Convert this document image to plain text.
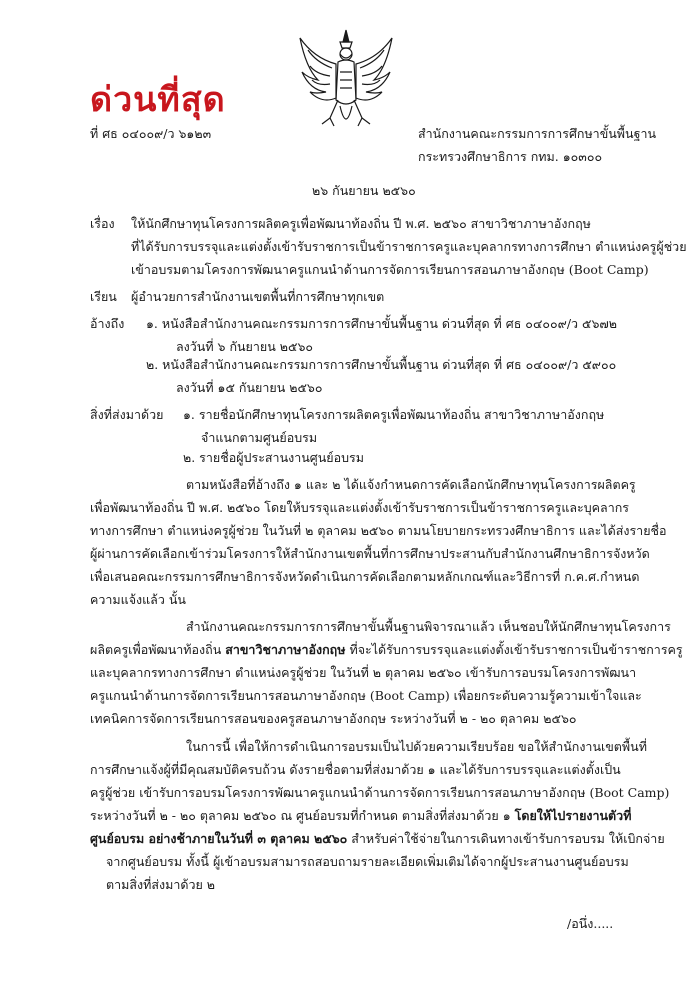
ด่วนที่สุด
ที่ ศธ ๐๔๐๐๙/ว ๖๑๒๓	สำนักงานคณะกรรมการการศึกษาขั้นพื้นฐาน
กระทรวงศึกษาธิการ กทม. ๑๐๓๐๐
๒๖ กันยายน ๒๕๖๐
เรื่อง ให้นักศึกษาทุนโครงการผลิตครูเพื่อพัฒนาท้องถิ่น ปี พ.ศ. ๒๕๖๐ สาขาวิชาภาษาอังกฤษ
ที่ได้รับการบรรจุและแต่งตั้งเข้ารับราชการเป็นข้าราชการครูและบุคลากรทางการศึกษา ตำแหน่งครูผู้ช่วย
เข้าอบรมตามโครงการพัฒนาครูแกนนำด้านการจัดการเรียนการสอนภาษาอังกฤษ (Boot Camp)
เรียน ผู้อำนวยการสำนักงานเขตพื้นที่การศึกษาทุกเขต
อ้างถึง ๑. หนังสือสำนักงานคณะกรรมการการศึกษาขั้นพื้นฐาน ด่วนที่สุด ที่ ศธ ๐๔๐๐๙/ว ๕๖๗๒
ลงวันที่ ๖ กันยายน ๒๕๖๐
๒. หนังสือสำนักงานคณะกรรมการการศึกษาขั้นพื้นฐาน ด่วนที่สุด ที่ ศธ ๐๔๐๐๙/ว ๕๙๐๐
ลงวันที่ ๑๕ กันยายน ๒๕๖๐
สิ่งที่ส่งมาด้วย ๑. รายชื่อนักศึกษาทุนโครงการผลิตครูเพื่อพัฒนาท้องถิ่น สาขาวิชาภาษาอังกฤษ
จำแนกตามศูนย์อบรม
๒. รายชื่อผู้ประสานงานศูนย์อบรม
ตามหนังสือที่อ้างถึง ๑ และ ๒ ได้แจ้งกำหนดการคัดเลือกนักศึกษาทุนโครงการผลิตครู
เพื่อพัฒนาท้องถิ่น ปี พ.ศ. ๒๕๖๐ โดยให้บรรจุและแต่งตั้งเข้ารับราชการเป็นข้าราชการครูและบุคลากร
ทางการศึกษา ตำแหน่งครูผู้ช่วย ในวันที่ ๒ ตุลาคม ๒๕๖๐ ตามนโยบายกระทรวงศึกษาธิการ และได้ส่งรายชื่อ
ผู้ผ่านการคัดเลือกเข้าร่วมโครงการให้สำนักงานเขตพื้นที่การศึกษาประสานกับสำนักงานศึกษาธิการจังหวัด
เพื่อเสนอคณะกรรมการศึกษาธิการจังหวัดดำเนินการคัดเลือกตามหลักเกณฑ์และวิธีการที่ ก.ค.ศ.กำหนด
ความแจ้งแล้ว นั้น
สำนักงานคณะกรรมการการศึกษาขั้นพื้นฐานพิจารณาแล้ว เห็นชอบให้นักศึกษาทุนโครงการ
ผลิตครูเพื่อพัฒนาท้องถิ่น สาขาวิชาภาษาอังกฤษ ที่จะได้รับการบรรจุและแต่งตั้งเข้ารับราชการเป็นข้าราชการครู
และบุคลากรทางการศึกษา ตำแหน่งครูผู้ช่วย ในวันที่ ๒ ตุลาคม ๒๕๖๐ เข้ารับการอบรมโครงการพัฒนา
ครูแกนนำด้านการจัดการเรียนการสอนภาษาอังกฤษ (Boot Camp) เพื่อยกระดับความรู้ความเข้าใจและ
เทคนิคการจัดการเรียนการสอนของครูสอนภาษาอังกฤษ ระหว่างวันที่ ๒ - ๒๐ ตุลาคม ๒๕๖๐
ในการนี้ เพื่อให้การดำเนินการอบรมเป็นไปด้วยความเรียบร้อย ขอให้สำนักงานเขตพื้นที่
การศึกษาแจ้งผู้ที่มีคุณสมบัติครบถ้วน ดังรายชื่อตามที่ส่งมาด้วย ๑ และได้รับการบรรจุและแต่งตั้งเป็น
ครูผู้ช่วย เข้ารับการอบรมโครงการพัฒนาครูแกนนำด้านการจัดการเรียนการสอนภาษาอังกฤษ (Boot Camp)
ระหว่างวันที่ ๒ - ๒๐ ตุลาคม ๒๕๖๐ ณ ศูนย์อบรมที่กำหนด ตามสิ่งที่ส่งมาด้วย ๑ โดยให้ไปรายงานตัวที่
ศูนย์อบรม อย่างช้าภายในวันที่ ๓ ตุลาคม ๒๕๖๐ สำหรับค่าใช้จ่ายในการเดินทางเข้ารับการอบรม ให้เบิกจ่าย
จากศูนย์อบรม ทั้งนี้ ผู้เข้าอบรมสามารถสอบถามรายละเอียดเพิ่มเติมได้จากผู้ประสานงานศูนย์อบรม
ตามสิ่งที่ส่งมาด้วย ๒
/อนึ่ง.....
